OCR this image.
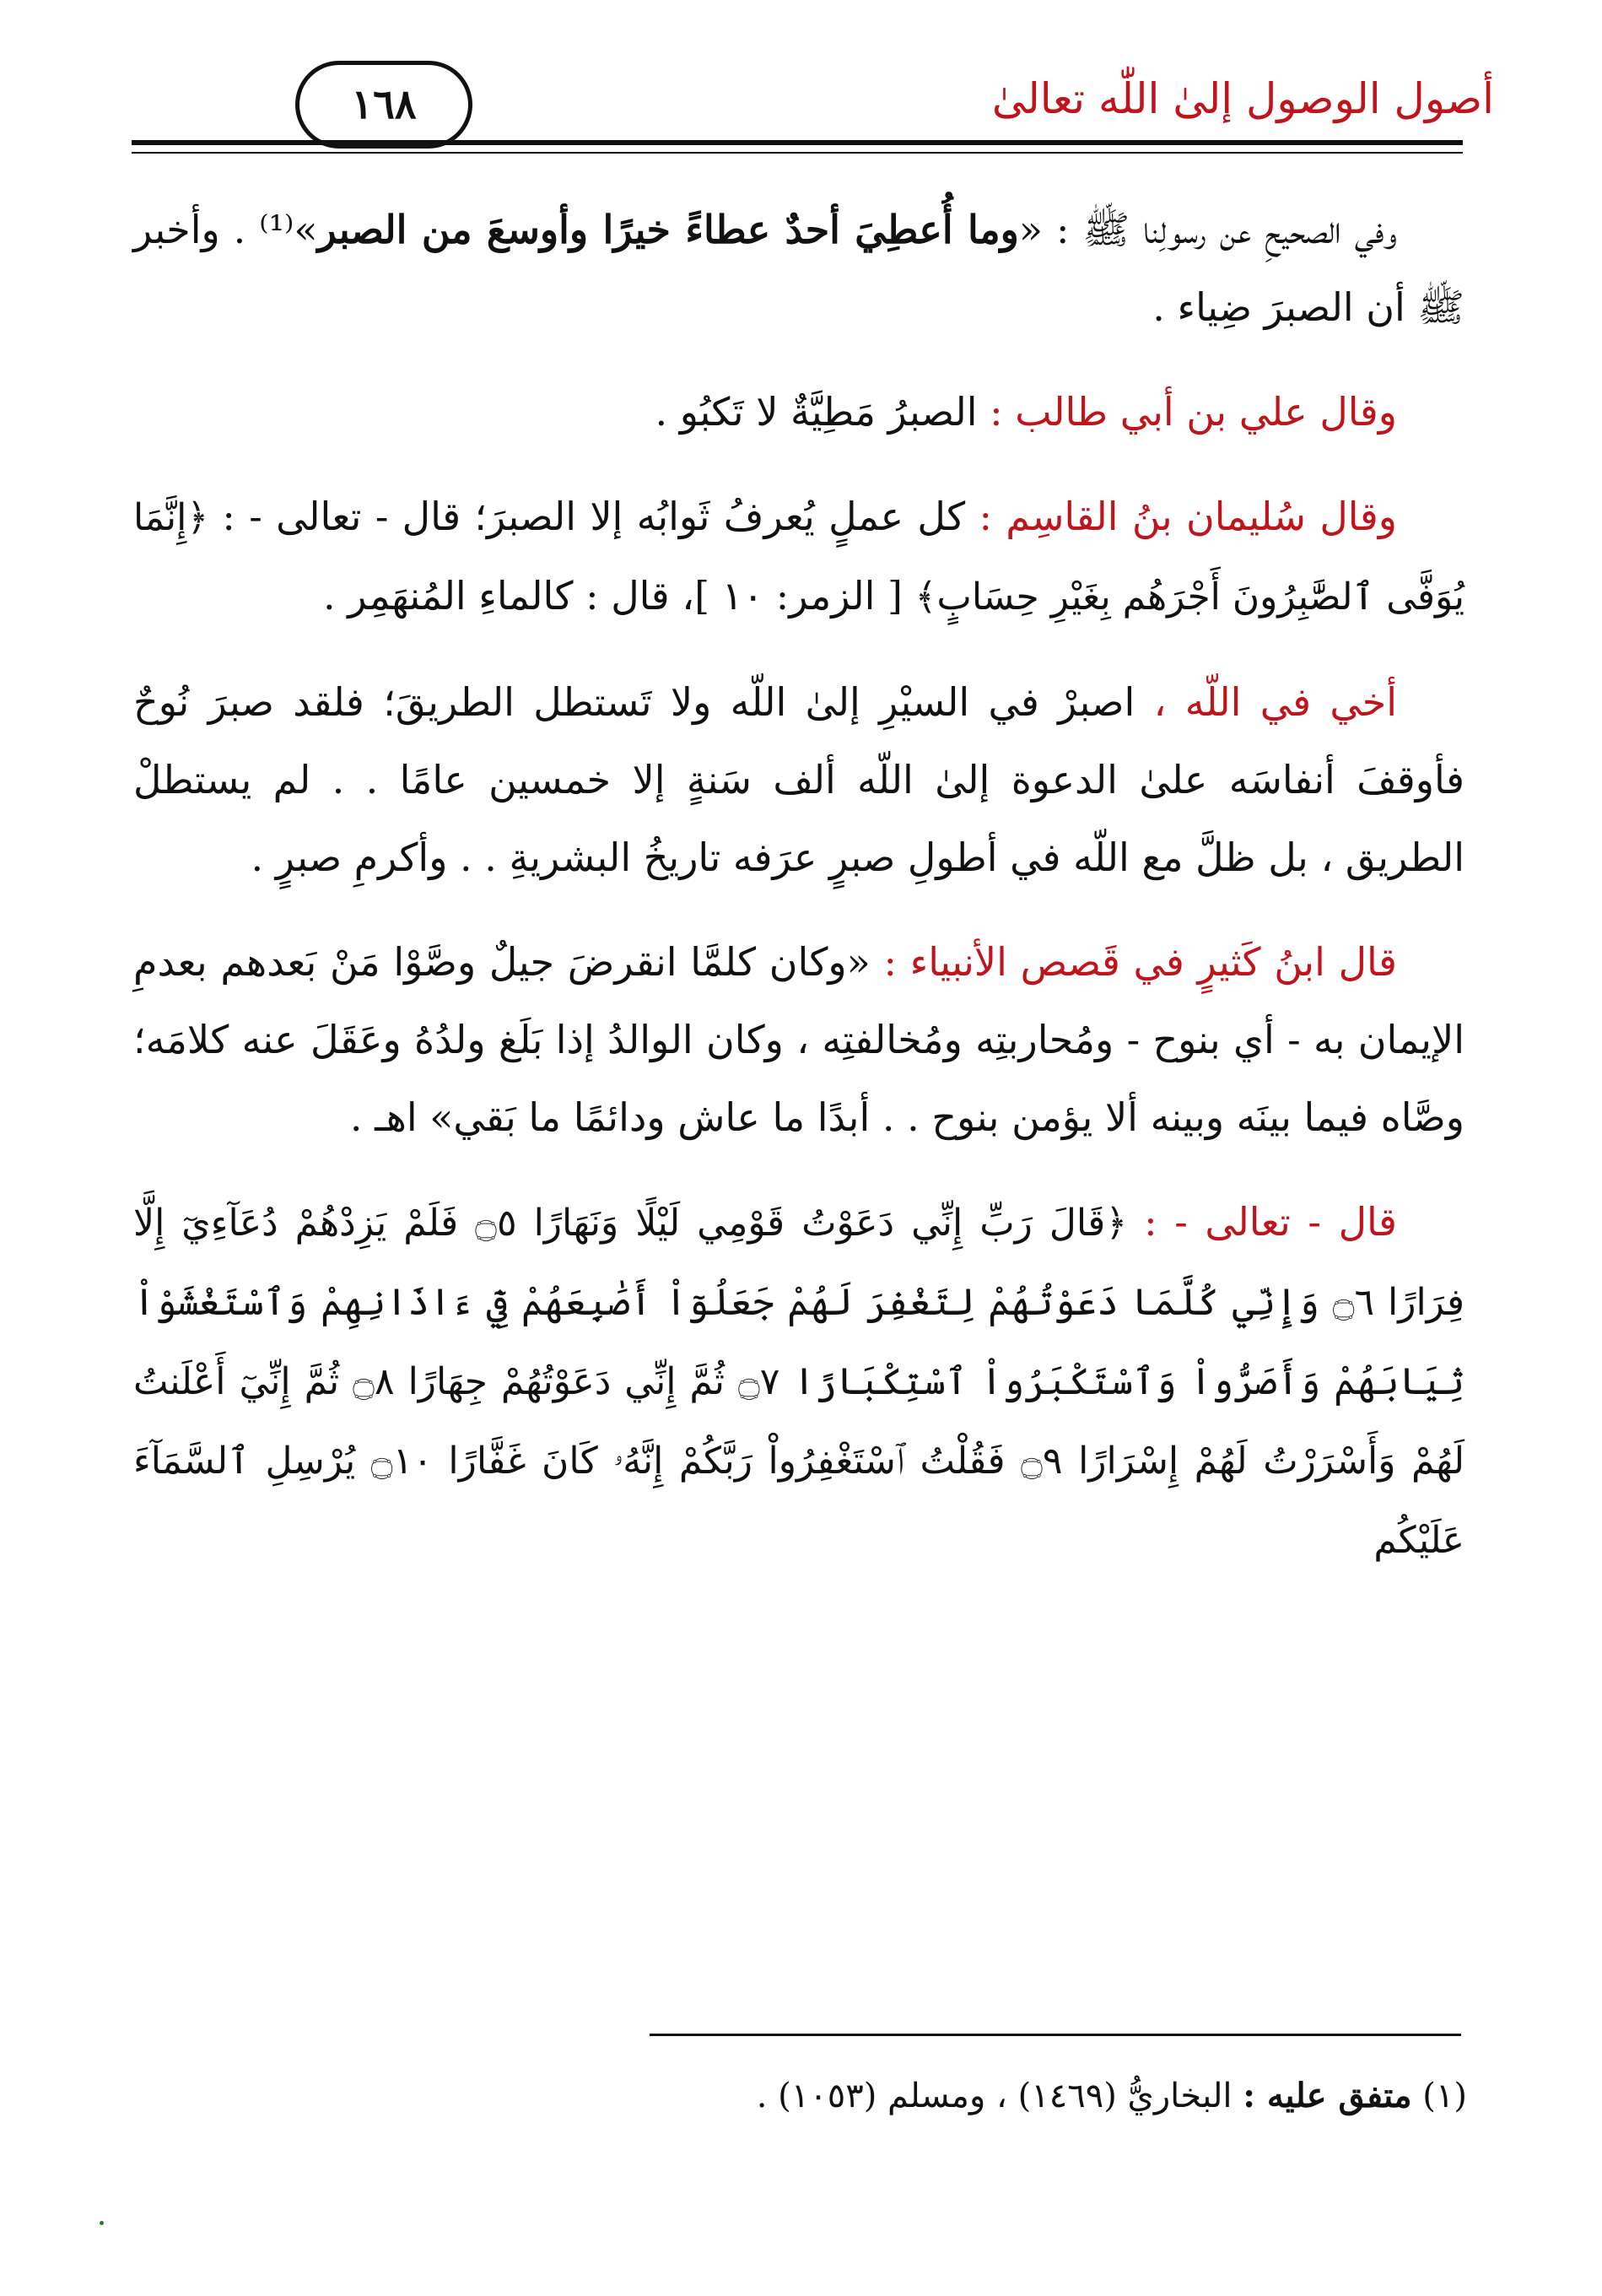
١٦٨	أصول الوصول إلىٰ اللّٰه تعالىٰ

وفي الصحيحِ عن رسولِنا ﷺ : «وما أُعطِيَ أحدٌ عطاءً خيرًا وأوسعَ من الصبر»⁽¹⁾ . وأخبر ﷺ أن الصبرَ ضِياء .

وقال علي بن أبي طالب : الصبرُ مَطِيَّةٌ لا تَكبُو .

وقال سُليمان بنُ القاسِم : كل عملٍ يُعرفُ ثَوابُه إلا الصبرَ؛ قال - تعالى - : ﴿إِنَّمَا يُوَفَّى ٱلصَّٰبِرُونَ أَجْرَهُم بِغَيْرِ حِسَابٍ﴾ [ الزمر: ١٠ ]، قال : كالماءِ المُنهَمِر .

أخي في اللّه ، اصبرْ في السيْرِ إلىٰ اللّه ولا تَستطل الطريقَ؛ فلقد صبرَ نُوحٌ فأوقفَ أنفاسَه علىٰ الدعوة إلىٰ اللّه ألف سَنةٍ إلا خمسين عامًا . . لم يستطلْ الطريق ، بل ظلَّ مع اللّه في أطولِ صبرٍ عرَفه تاريخُ البشريةِ . . وأكرمِ صبرٍ .

قال ابنُ كَثيرٍ في قَصص الأنبياء : «وكان كلمَّا انقرضَ جيلٌ وصَّوْا مَنْ بَعدهم بعدمِ الإيمان به - أي بنوح - ومُحاربتِه ومُخالفتِه ، وكان الوالدُ إذا بَلَغ ولدُهُ وعَقَلَ عنه كلامَه؛ وصَّاه فيما بينَه وبينه ألا يؤمن بنوح . . أبدًا ما عاش ودائمًا ما بَقي» اهـ .

قال - تعالى - : ﴿قَالَ رَبِّ إِنِّي دَعَوْتُ قَوْمِي لَيْلًا وَنَهَارًا ۝٥ فَلَمْ يَزِدْهُمْ دُعَآءِيٓ إِلَّا فِرَارًا ۝٦ وَإِنِّي كُلَّمَا دَعَوْتُهُمْ لِتَغْفِرَ لَهُمْ جَعَلُوٓاْ أَصَٰبِعَهُمْ فِيٓ ءَاذَانِهِمْ وَٱسْتَغْشَوْاْ ثِيَابَهُمْ وَأَصَرُّواْ وَٱسْتَكْبَرُواْ ٱسْتِكْبَارًا ۝٧ ثُمَّ إِنِّي دَعَوْتُهُمْ جِهَارًا ۝٨ ثُمَّ إِنِّيٓ أَعْلَنتُ لَهُمْ وَأَسْرَرْتُ لَهُمْ إِسْرَارًا ۝٩ فَقُلْتُ ٱسْتَغْفِرُواْ رَبَّكُمْ إِنَّهُۥ كَانَ غَفَّارًا ۝١٠ يُرْسِلِ ٱلسَّمَآءَ عَلَيْكُم

(١) متفق عليه : البخاريُّ (١٤٦٩) ، ومسلم (١٠٥٣) .
